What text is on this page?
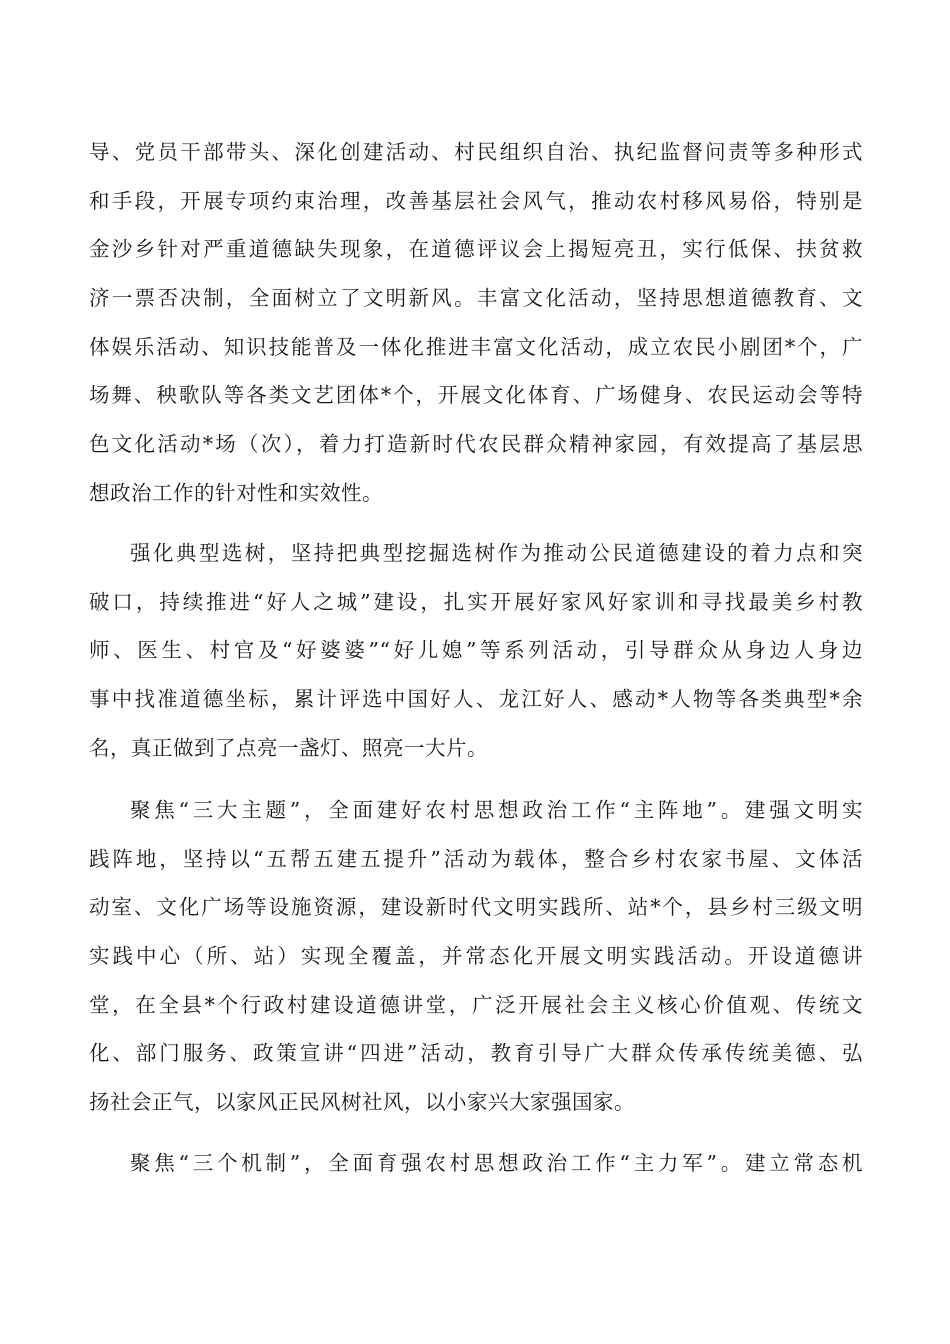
导、党员干部带头、深化创建活动、村民组织自治、执纪监督问责等多种形式
和手段，开展专项约束治理，改善基层社会风气，推动农村移风易俗，特别是
金沙乡针对严重道德缺失现象，在道德评议会上揭短亮丑，实行低保、扶贫救
济一票否决制，全面树立了文明新风。丰富文化活动，坚持思想道德教育、文
体娱乐活动、知识技能普及一体化推进丰富文化活动，成立农民小剧团*个，广
场舞、秧歌队等各类文艺团体*个，开展文化体育、广场健身、农民运动会等特
色文化活动*场（次），着力打造新时代农民群众精神家园，有效提高了基层思
想政治工作的针对性和实效性。
强化典型选树，坚持把典型挖掘选树作为推动公民道德建设的着力点和突
破口，持续推进“好人之城”建设，扎实开展好家风好家训和寻找最美乡村教
师、医生、村官及“好婆婆”“好儿媳”等系列活动，引导群众从身边人身边
事中找准道德坐标，累计评选中国好人、龙江好人、感动*人物等各类典型*余
名，真正做到了点亮一盏灯、照亮一大片。
聚焦“三大主题”，全面建好农村思想政治工作“主阵地”。建强文明实
践阵地，坚持以“五帮五建五提升”活动为载体，整合乡村农家书屋、文体活
动室、文化广场等设施资源，建设新时代文明实践所、站*个，县乡村三级文明
实践中心（所、站）实现全覆盖，并常态化开展文明实践活动。开设道德讲
堂，在全县*个行政村建设道德讲堂，广泛开展社会主义核心价值观、传统文
化、部门服务、政策宣讲“四进”活动，教育引导广大群众传承传统美德、弘
扬社会正气，以家风正民风树社风，以小家兴大家强国家。
聚焦“三个机制”，全面育强农村思想政治工作“主力军”。建立常态机
